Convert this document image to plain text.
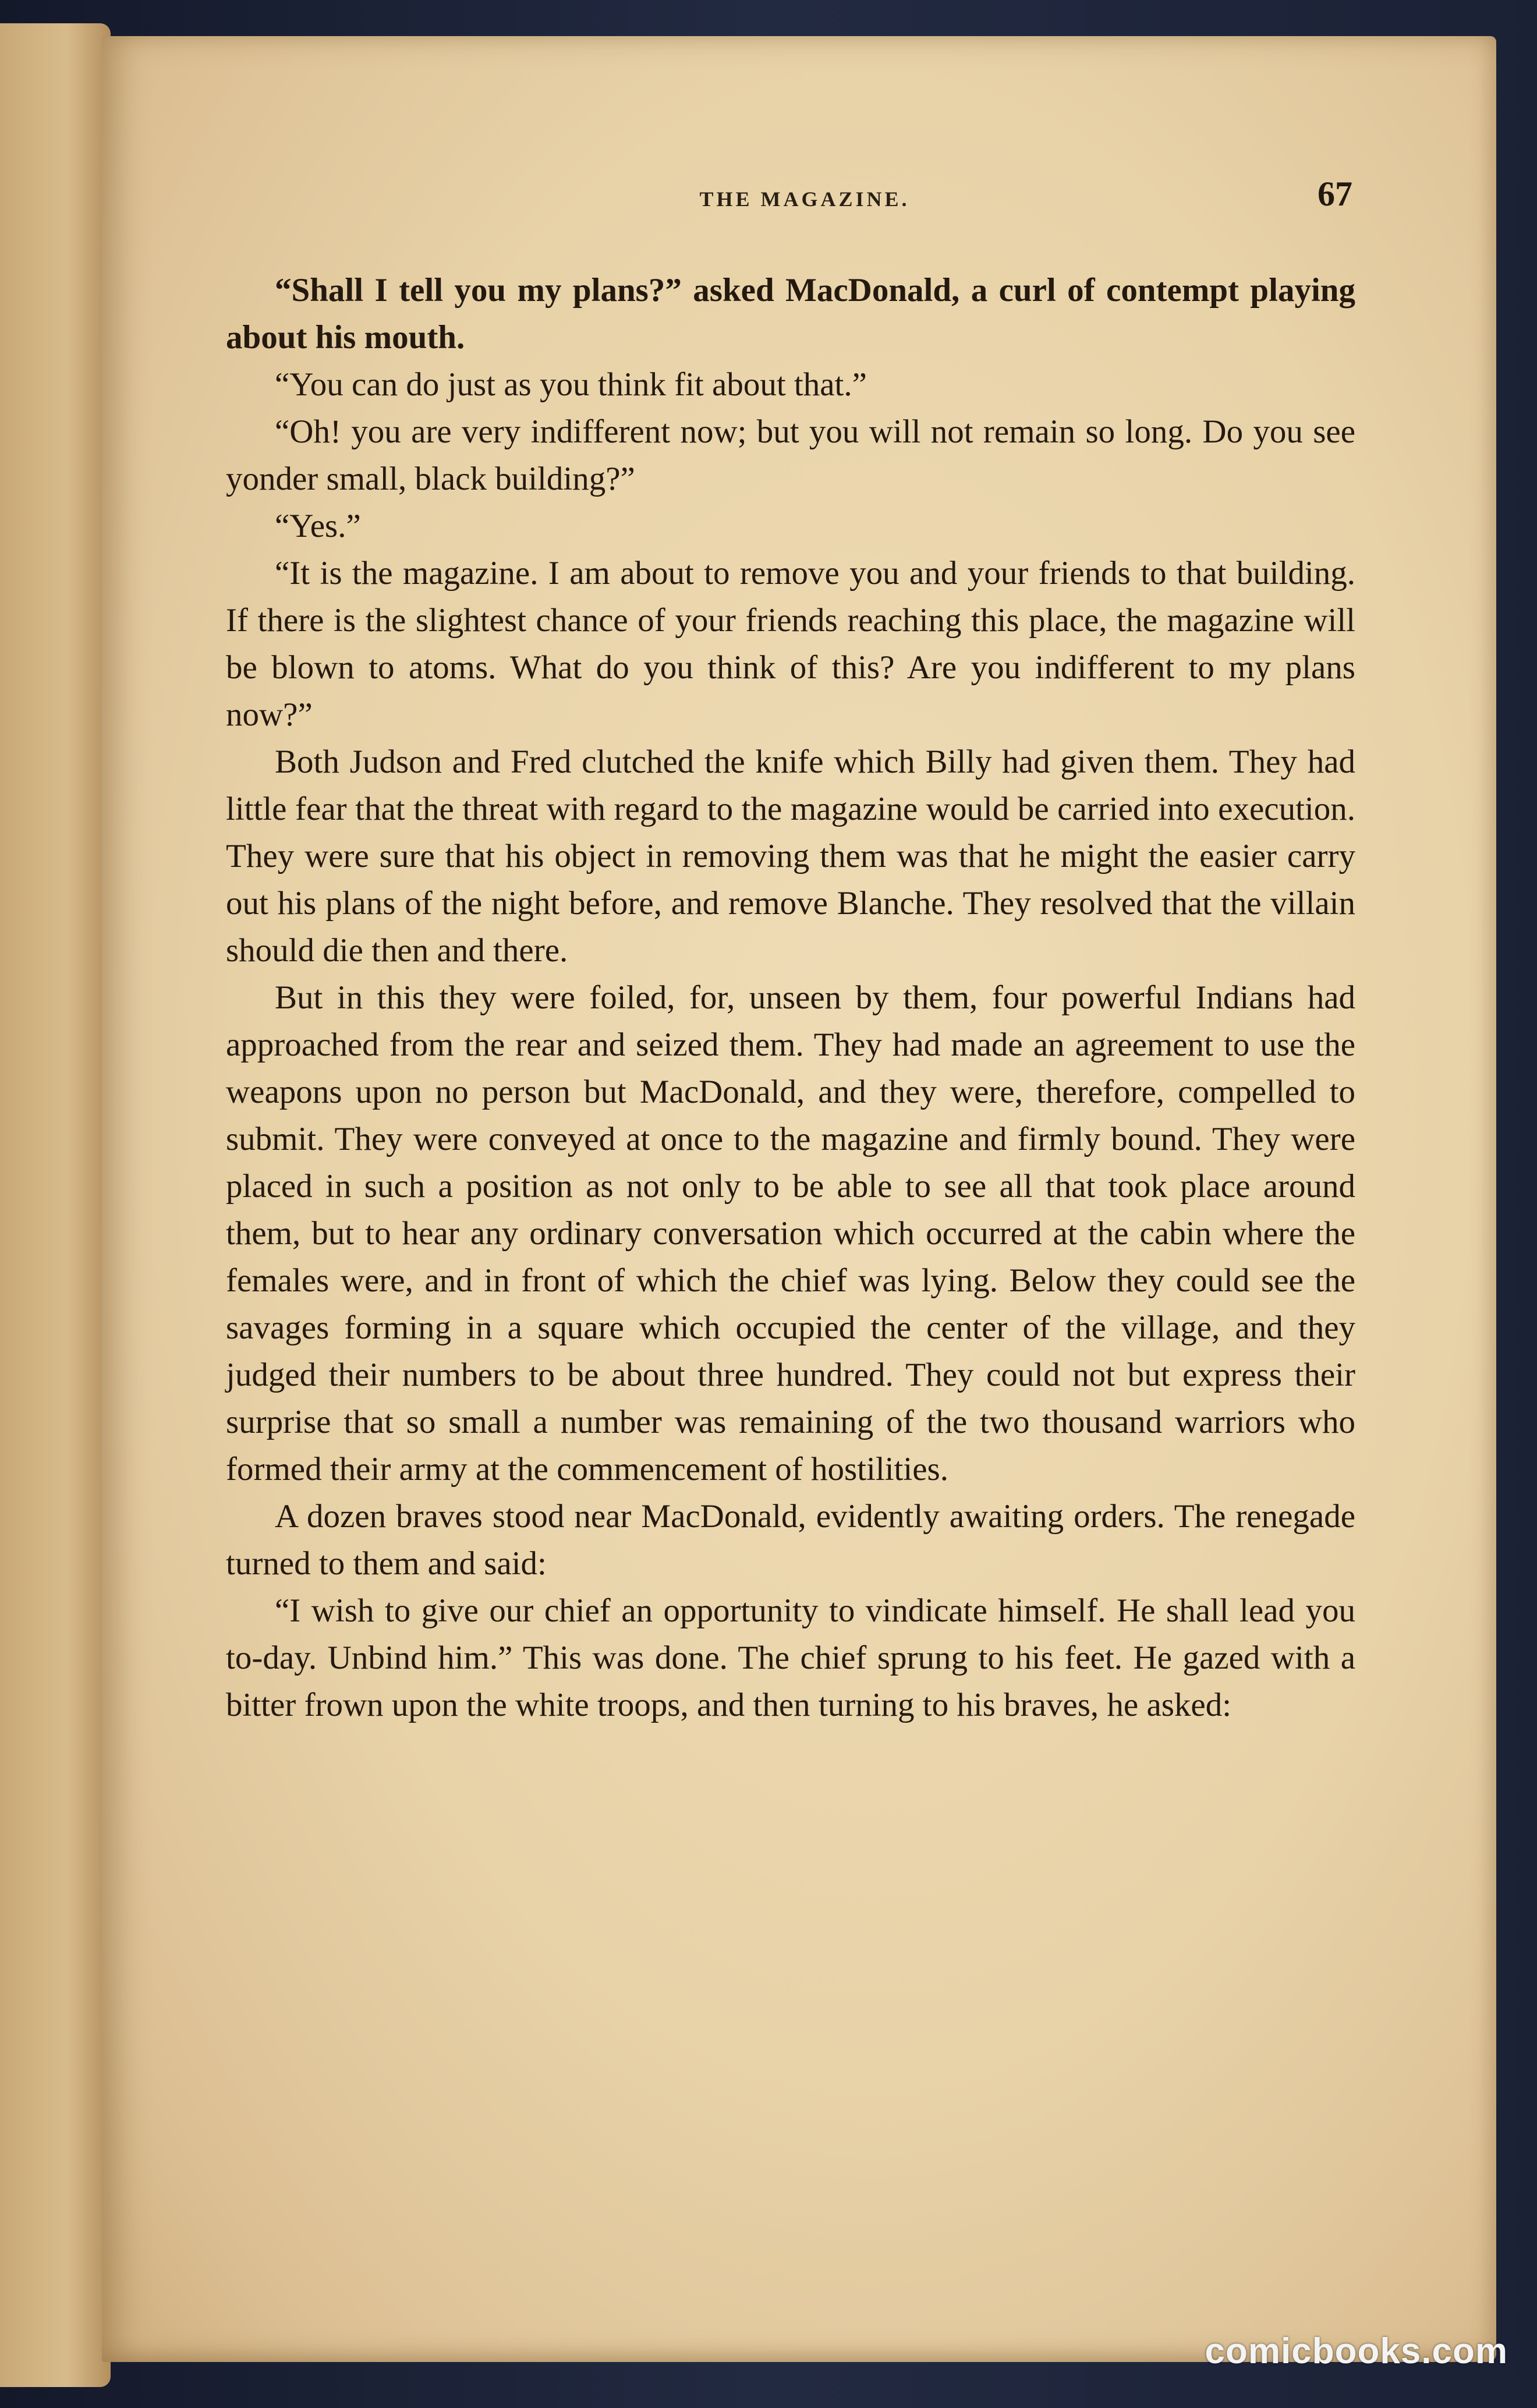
THE MAGAZINE.	67

“Shall I tell you my plans?” asked MacDonald, a curl of contempt playing about his mouth.

“You can do just as you think fit about that.”

“Oh! you are very indifferent now; but you will not remain so long. Do you see yonder small, black building?”

“Yes.”

“It is the magazine. I am about to remove you and your friends to that building. If there is the slightest chance of your friends reaching this place, the magazine will be blown to atoms. What do you think of this? Are you indifferent to my plans now?”

Both Judson and Fred clutched the knife which Billy had given them. They had little fear that the threat with regard to the magazine would be carried into execution. They were sure that his object in removing them was that he might the easier carry out his plans of the night before, and remove Blanche. They resolved that the villain should die then and there.

But in this they were foiled, for, unseen by them, four powerful Indians had approached from the rear and seized them. They had made an agreement to use the weapons upon no person but MacDonald, and they were, therefore, compelled to submit. They were conveyed at once to the magazine and firmly bound. They were placed in such a position as not only to be able to see all that took place around them, but to hear any ordinary conversation which occurred at the cabin where the females were, and in front of which the chief was lying. Below they could see the savages forming in a square which occupied the center of the village, and they judged their numbers to be about three hundred. They could not but express their surprise that so small a number was remaining of the two thousand warriors who formed their army at the commencement of hostilities.

A dozen braves stood near MacDonald, evidently awaiting orders. The renegade turned to them and said:

“I wish to give our chief an opportunity to vindicate himself. He shall lead you to-day. Unbind him.” This was done. The chief sprung to his feet. He gazed with a bitter frown upon the white troops, and then turning to his braves, he asked:

comicbooks.com
